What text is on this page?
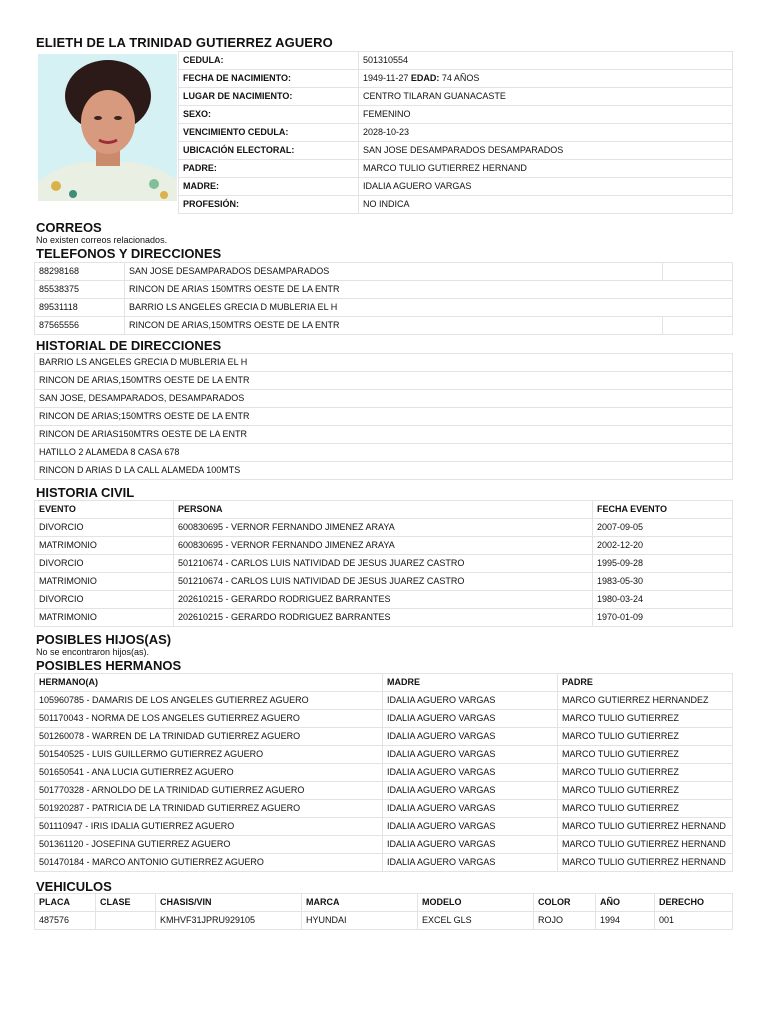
ELIETH DE LA TRINIDAD GUTIERREZ AGUERO
CEDULA:	501310554
FECHA DE NACIMIENTO:	1949-11-27 EDAD: 74 AÑOS
LUGAR DE NACIMIENTO:	CENTRO TILARAN GUANACASTE
SEXO:	FEMENINO
VENCIMIENTO CEDULA:	2028-10-23
UBICACIÓN ELECTORAL:	SAN JOSE DESAMPARADOS DESAMPARADOS
PADRE:	MARCO TULIO GUTIERREZ HERNAND
MADRE:	IDALIA AGUERO VARGAS
PROFESIÓN:	NO INDICA
CORREOS
No existen correos relacionados.
TELEFONOS Y DIRECCIONES
88298168	SAN JOSE DESAMPARADOS DESAMPARADOS	
85538375	RINCON DE ARIAS 150MTRS OESTE DE LA ENTR	
89531118	BARRIO LS ANGELES GRECIA D MUBLERIA EL H	
87565556	RINCON DE ARIAS,150MTRS OESTE DE LA ENTR	
HISTORIAL DE DIRECCIONES
BARRIO LS ANGELES GRECIA D MUBLERIA EL H
RINCON DE ARIAS,150MTRS OESTE DE LA ENTR
SAN JOSE, DESAMPARADOS, DESAMPARADOS
RINCON DE ARIAS;150MTRS OESTE DE LA ENTR
RINCON DE ARIAS150MTRS OESTE DE LA ENTR
HATILLO 2 ALAMEDA 8 CASA 678
RINCON D ARIAS D LA CALL ALAMEDA 100MTS
HISTORIA CIVIL
EVENTO	PERSONA	FECHA EVENTO
DIVORCIO	600830695 - VERNOR FERNANDO JIMENEZ ARAYA	2007-09-05
MATRIMONIO	600830695 - VERNOR FERNANDO JIMENEZ ARAYA	2002-12-20
DIVORCIO	501210674 - CARLOS LUIS NATIVIDAD DE JESUS JUAREZ CASTRO	1995-09-28
MATRIMONIO	501210674 - CARLOS LUIS NATIVIDAD DE JESUS JUAREZ CASTRO	1983-05-30
DIVORCIO	202610215 - GERARDO RODRIGUEZ BARRANTES	1980-03-24
MATRIMONIO	202610215 - GERARDO RODRIGUEZ BARRANTES	1970-01-09
POSIBLES HIJOS(AS)
No se encontraron hijos(as).
POSIBLES HERMANOS
HERMANO(A)	MADRE	PADRE
105960785 - DAMARIS DE LOS ANGELES GUTIERREZ AGUERO	IDALIA AGUERO VARGAS	MARCO GUTIERREZ HERNANDEZ
501170043 - NORMA DE LOS ANGELES GUTIERREZ AGUERO	IDALIA AGUERO VARGAS	MARCO TULIO GUTIERREZ
501260078 - WARREN DE LA TRINIDAD GUTIERREZ AGUERO	IDALIA AGUERO VARGAS	MARCO TULIO GUTIERREZ
501540525 - LUIS GUILLERMO GUTIERREZ AGUERO	IDALIA AGUERO VARGAS	MARCO TULIO GUTIERREZ
501650541 - ANA LUCIA GUTIERREZ AGUERO	IDALIA AGUERO VARGAS	MARCO TULIO GUTIERREZ
501770328 - ARNOLDO DE LA TRINIDAD GUTIERREZ AGUERO	IDALIA AGUERO VARGAS	MARCO TULIO GUTIERREZ
501920287 - PATRICIA DE LA TRINIDAD GUTIERREZ AGUERO	IDALIA AGUERO VARGAS	MARCO TULIO GUTIERREZ
501110947 - IRIS IDALIA GUTIERREZ AGUERO	IDALIA AGUERO VARGAS	MARCO TULIO GUTIERREZ HERNAND
501361120 - JOSEFINA GUTIERREZ AGUERO	IDALIA AGUERO VARGAS	MARCO TULIO GUTIERREZ HERNAND
501470184 - MARCO ANTONIO GUTIERREZ AGUERO	IDALIA AGUERO VARGAS	MARCO TULIO GUTIERREZ HERNAND
VEHICULOS
PLACA	CLASE	CHASIS/VIN	MARCA	MODELO	COLOR	AÑO	DERECHO
487576		KMHVF31JPRU929105	HYUNDAI	EXCEL GLS	ROJO	1994	001
